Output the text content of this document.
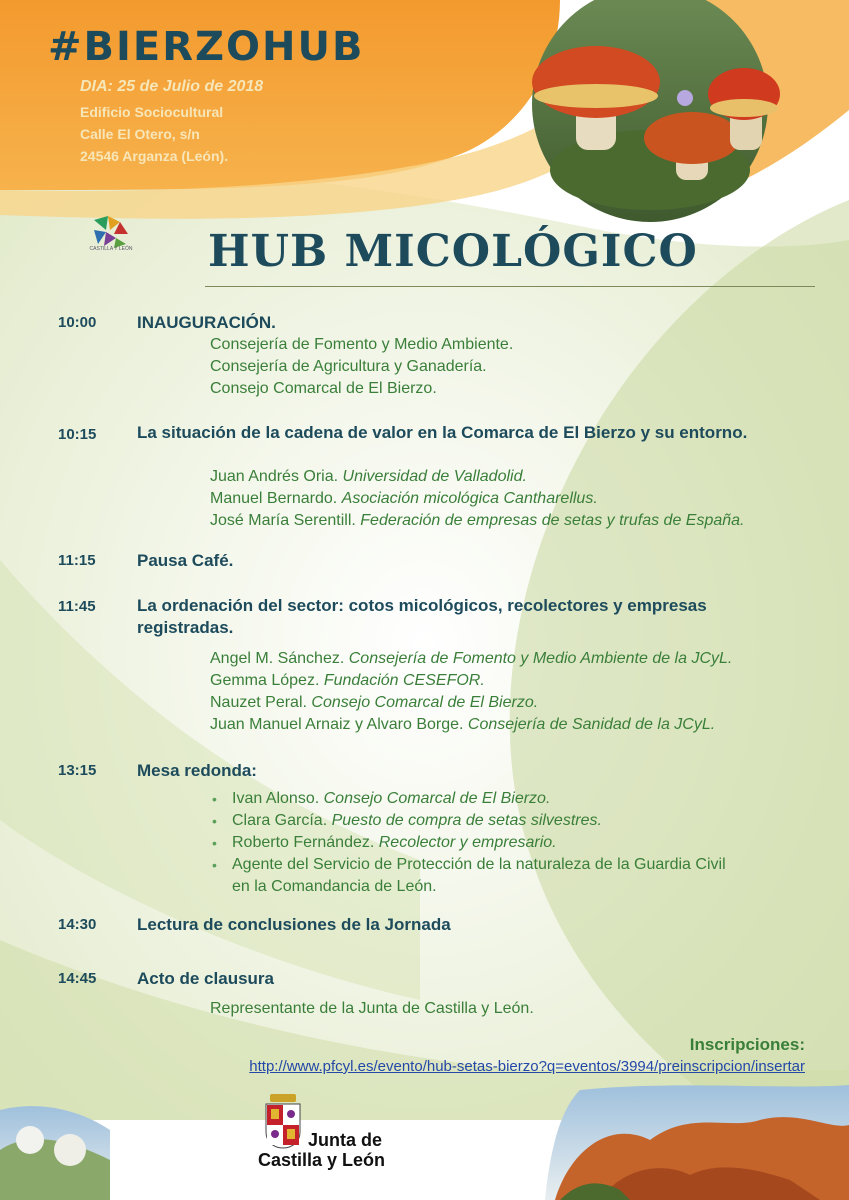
#BIERZOHUB
DIA: 25 de Julio de 2018
Edificio Sociocultural
Calle El Otero, s/n
24546 Arganza (León).
CASTILLA Y LEÓN HUB MICOLÓGICO
10:00	INAUGURACIÓN.
Consejería de Fomento y Medio Ambiente.
Consejería de Agricultura y Ganadería.
Consejo Comarcal de El Bierzo.
10:15	La situación de la cadena de valor en la Comarca de El Bierzo y su entorno.
Juan Andrés Oria. Universidad de Valladolid.
Manuel Bernardo. Asociación micológica Cantharellus.
José María Serentill. Federación de empresas de setas y trufas de España.
11:15	Pausa Café.
11:45	La ordenación del sector: cotos micológicos, recolectores y empresas registradas.
Angel M. Sánchez. Consejería de Fomento y Medio Ambiente de la JCyL.
Gemma López. Fundación CESEFOR.
Nauzet Peral. Consejo Comarcal de El Bierzo.
Juan Manuel Arnaiz y Alvaro Borge. Consejería de Sanidad de la JCyL.
13:15	Mesa redonda:
• Ivan Alonso. Consejo Comarcal de El Bierzo.
• Clara García. Puesto de compra de setas silvestres.
• Roberto Fernández. Recolector y empresario.
• Agente del Servicio de Protección de la naturaleza de la Guardia Civil
en la Comandancia de León.
14:30	Lectura de conclusiones de la Jornada
14:45	Acto de clausura
Representante de la Junta de Castilla y León.
Inscripciones:
http://www.pfcyl.es/evento/hub-setas-bierzo?q=eventos/3994/preinscripcion/insertar
Junta de
Castilla y León
